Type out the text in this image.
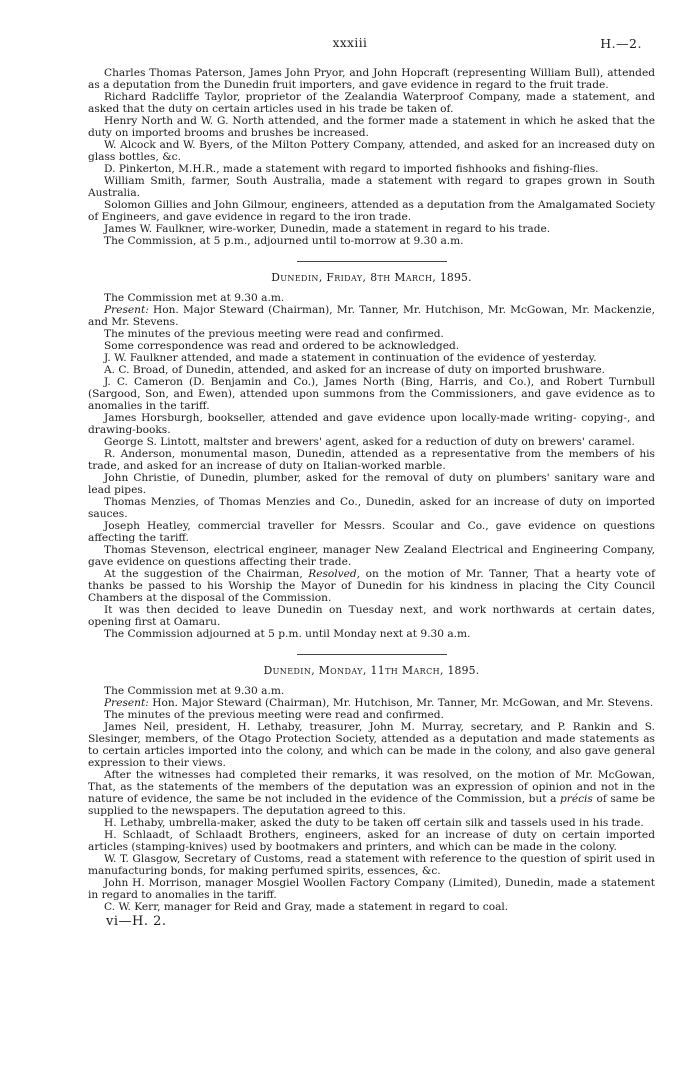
xxxiii	H.—2.

Charles Thomas Paterson, James John Pryor, and John Hopcraft (representing William Bull), attended as a deputation from the Dunedin fruit importers, and gave evidence in regard to the fruit trade.

Richard Radcliffe Taylor, proprietor of the Zealandia Waterproof Company, made a statement, and asked that the duty on certain articles used in his trade be taken of.

Henry North and W. G. North attended, and the former made a statement in which he asked that the duty on imported brooms and brushes be increased.

W. Alcock and W. Byers, of the Milton Pottery Company, attended, and asked for an increased duty on glass bottles, &c.

D. Pinkerton, M.H.R., made a statement with regard to imported fishhooks and fishing-flies.

William Smith, farmer, South Australia, made a statement with regard to grapes grown in South Australia.

Solomon Gillies and John Gilmour, engineers, attended as a deputation from the Amalgamated Society of Engineers, and gave evidence in regard to the iron trade.

James W. Faulkner, wire-worker, Dunedin, made a statement in regard to his trade.

The Commission, at 5 p.m., adjourned until to-morrow at 9.30 a.m.

Dunedin, Friday, 8th March, 1895.

The Commission met at 9.30 a.m.

Present: Hon. Major Steward (Chairman), Mr. Tanner, Mr. Hutchison, Mr. McGowan, Mr. Mackenzie, and Mr. Stevens.

The minutes of the previous meeting were read and confirmed.

Some correspondence was read and ordered to be acknowledged.

J. W. Faulkner attended, and made a statement in continuation of the evidence of yesterday.

A. C. Broad, of Dunedin, attended, and asked for an increase of duty on imported brushware.

J. C. Cameron (D. Benjamin and Co.), James North (Bing, Harris, and Co.), and Robert Turnbull (Sargood, Son, and Ewen), attended upon summons from the Commissioners, and gave evidence as to anomalies in the tariff.

James Horsburgh, bookseller, attended and gave evidence upon locally-made writing- copying-, and drawing-books.

George S. Lintott, maltster and brewers' agent, asked for a reduction of duty on brewers' caramel.

R. Anderson, monumental mason, Dunedin, attended as a representative from the members of his trade, and asked for an increase of duty on Italian-worked marble.

John Christie, of Dunedin, plumber, asked for the removal of duty on plumbers' sanitary ware and lead pipes.

Thomas Menzies, of Thomas Menzies and Co., Dunedin, asked for an increase of duty on imported sauces.

Joseph Heatley, commercial traveller for Messrs. Scoular and Co., gave evidence on questions affecting the tariff.

Thomas Stevenson, electrical engineer, manager New Zealand Electrical and Engineering Company, gave evidence on questions affecting their trade.

At the suggestion of the Chairman, Resolved, on the motion of Mr. Tanner, That a hearty vote of thanks be passed to his Worship the Mayor of Dunedin for his kindness in placing the City Council Chambers at the disposal of the Commission.

It was then decided to leave Dunedin on Tuesday next, and work northwards at certain dates, opening first at Oamaru.

The Commission adjourned at 5 p.m. until Monday next at 9.30 a.m.

Dunedin, Monday, 11th March, 1895.

The Commission met at 9.30 a.m.

Present: Hon. Major Steward (Chairman), Mr. Hutchison, Mr. Tanner, Mr. McGowan, and Mr. Stevens.

The minutes of the previous meeting were read and confirmed.

James Neil, president, H. Lethaby, treasurer, John M. Murray, secretary, and P. Rankin and S. Slesinger, members, of the Otago Protection Society, attended as a deputation and made statements as to certain articles imported into the colony, and which can be made in the colony, and also gave general expression to their views.

After the witnesses had completed their remarks, it was resolved, on the motion of Mr. McGowan, That, as the statements of the members of the deputation was an expression of opinion and not in the nature of evidence, the same be not included in the evidence of the Commission, but a précis of same be supplied to the newspapers. The deputation agreed to this.

H. Lethaby, umbrella-maker, asked the duty to be taken off certain silk and tassels used in his trade.

H. Schlaadt, of Schlaadt Brothers, engineers, asked for an increase of duty on certain imported articles (stamping-knives) used by bootmakers and printers, and which can be made in the colony.

W. T. Glasgow, Secretary of Customs, read a statement with reference to the question of spirit used in manufacturing bonds, for making perfumed spirits, essences, &c.

John H. Morrison, manager Mosgiel Woollen Factory Company (Limited), Dunedin, made a statement in regard to anomalies in the tariff.

C. W. Kerr, manager for Reid and Gray, made a statement in regard to coal.

vi—H. 2.
